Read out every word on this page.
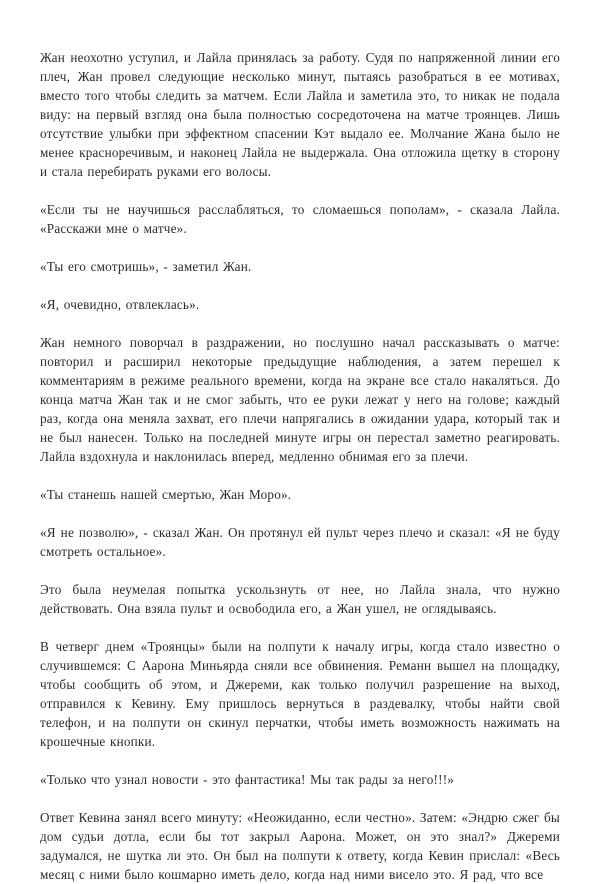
Жан неохотно уступил, и Лайла принялась за работу. Судя по напряженной линии его плеч, Жан провел следующие несколько минут, пытаясь разобраться в ее мотивах, вместо того чтобы следить за матчем. Если Лайла и заметила это, то никак не подала виду: на первый взгляд она была полностью сосредоточена на матче троянцев. Лишь отсутствие улыбки при эффектном спасении Кэт выдало ее. Молчание Жана было не менее красноречивым, и наконец Лайла не выдержала. Она отложила щетку в сторону и стала перебирать руками его волосы.

«Если ты не научишься расслабляться, то сломаешься пополам», - сказала Лайла. «Расскажи мне о матче».

«Ты его смотришь», - заметил Жан.

«Я, очевидно, отвлеклась».

Жан немного поворчал в раздражении, но послушно начал рассказывать о матче: повторил и расширил некоторые предыдущие наблюдения, а затем перешел к комментариям в режиме реального времени, когда на экране все стало накаляться. До конца матча Жан так и не смог забыть, что ее руки лежат у него на голове; каждый раз, когда она меняла захват, его плечи напрягались в ожидании удара, который так и не был нанесен. Только на последней минуте игры он перестал заметно реагировать. Лайла вздохнула и наклонилась вперед, медленно обнимая его за плечи.

«Ты станешь нашей смертью, Жан Моро».

«Я не позволю», - сказал Жан. Он протянул ей пульт через плечо и сказал: «Я не буду смотреть остальное».

Это была неумелая попытка ускользнуть от нее, но Лайла знала, что нужно действовать. Она взяла пульт и освободила его, а Жан ушел, не оглядываясь.

В четверг днем «Троянцы» были на полпути к началу игры, когда стало известно о случившемся: С Аарона Миньярда сняли все обвинения. Реманн вышел на площадку, чтобы сообщить об этом, и Джереми, как только получил разрешение на выход, отправился к Кевину. Ему пришлось вернуться в раздевалку, чтобы найти свой телефон, и на полпути он скинул перчатки, чтобы иметь возможность нажимать на крошечные кнопки.

«Только что узнал новости - это фантастика! Мы так рады за него!!!»

Ответ Кевина занял всего минуту: «Неожиданно, если честно». Затем: «Эндрю сжег бы дом судьи дотла, если бы тот закрыл Аарона. Может, он это знал?» Джереми задумался, не шутка ли это. Он был на полпути к ответу, когда Кевин прислал: «Весь месяц с ними было кошмарно иметь дело, когда над ними висело это. Я рад, что все
